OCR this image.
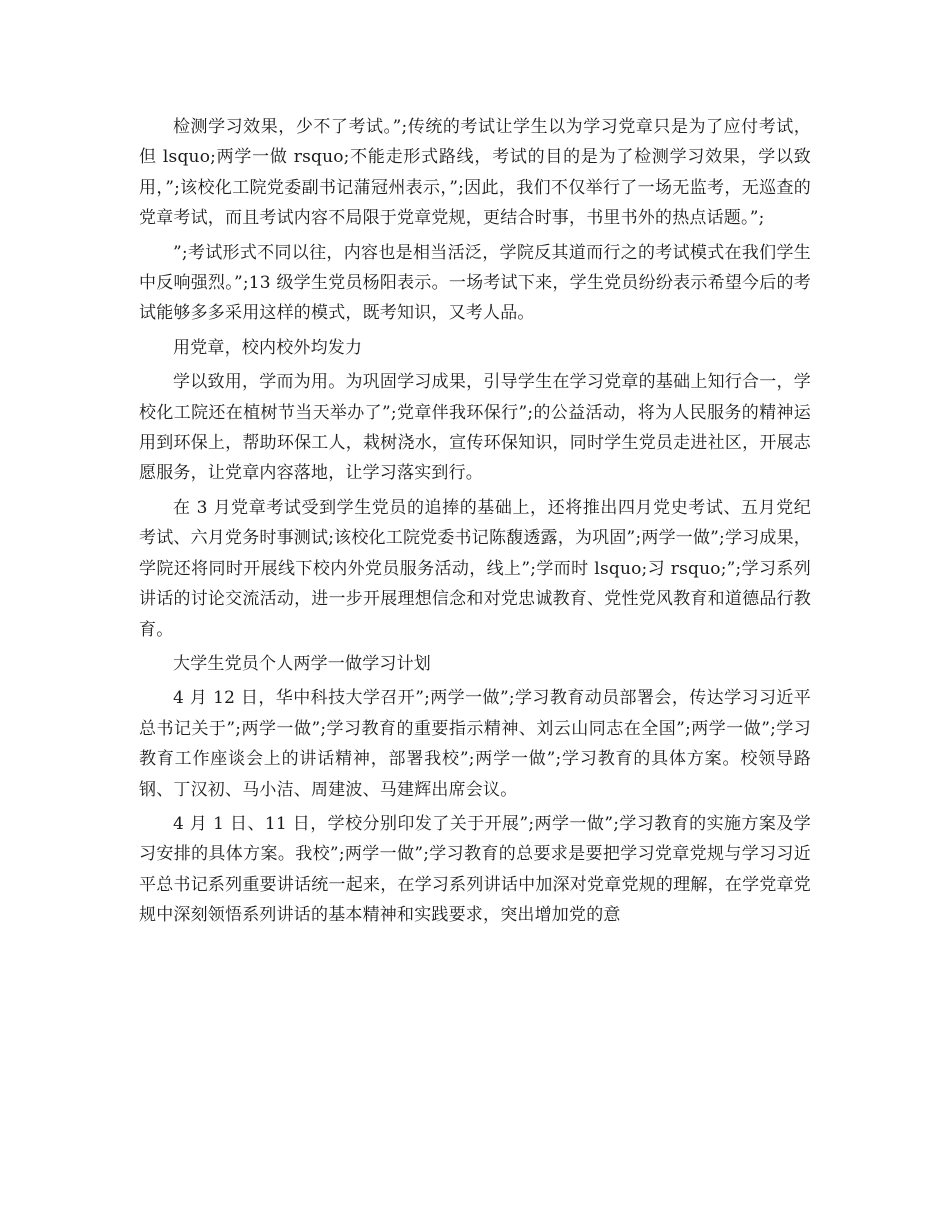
检测学习效果，少不了考试。”;传统的考试让学生以为学习党章只是为了应付考试，但 lsquo;两学一做 rsquo;不能走形式路线，考试的目的是为了检测学习效果，学以致用，”;该校化工院党委副书记蒲冠州表示，”;因此，我们不仅举行了一场无监考，无巡查的党章考试，而且考试内容不局限于党章党规，更结合时事，书里书外的热点话题。”;

”;考试形式不同以往，内容也是相当活泛，学院反其道而行之的考试模式在我们学生中反响强烈。”;13 级学生党员杨阳表示。一场考试下来，学生党员纷纷表示希望今后的考试能够多多采用这样的模式，既考知识，又考人品。

用党章，校内校外均发力

学以致用，学而为用。为巩固学习成果，引导学生在学习党章的基础上知行合一，学校化工院还在植树节当天举办了”;党章伴我环保行”;的公益活动，将为人民服务的精神运用到环保上，帮助环保工人，栽树浇水，宣传环保知识，同时学生党员走进社区，开展志愿服务，让党章内容落地，让学习落实到行。

在 3 月党章考试受到学生党员的追捧的基础上，还将推出四月党史考试、五月党纪考试、六月党务时事测试;该校化工院党委书记陈馥透露，为巩固”;两学一做”;学习成果，学院还将同时开展线下校内外党员服务活动，线上”;学而时 lsquo;习 rsquo;”;学习系列讲话的讨论交流活动，进一步开展理想信念和对党忠诚教育、党性党风教育和道德品行教育。

大学生党员个人两学一做学习计划

4 月 12 日，华中科技大学召开”;两学一做”;学习教育动员部署会，传达学习习近平总书记关于”;两学一做”;学习教育的重要指示精神、刘云山同志在全国”;两学一做”;学习教育工作座谈会上的讲话精神，部署我校”;两学一做”;学习教育的具体方案。校领导路钢、丁汉初、马小洁、周建波、马建辉出席会议。

4 月 1 日、11 日，学校分别印发了关于开展”;两学一做”;学习教育的实施方案及学习安排的具体方案。我校”;两学一做”;学习教育的总要求是要把学习党章党规与学习习近平总书记系列重要讲话统一起来，在学习系列讲话中加深对党章党规的理解，在学党章党规中深刻领悟系列讲话的基本精神和实践要求，突出增加党的意
